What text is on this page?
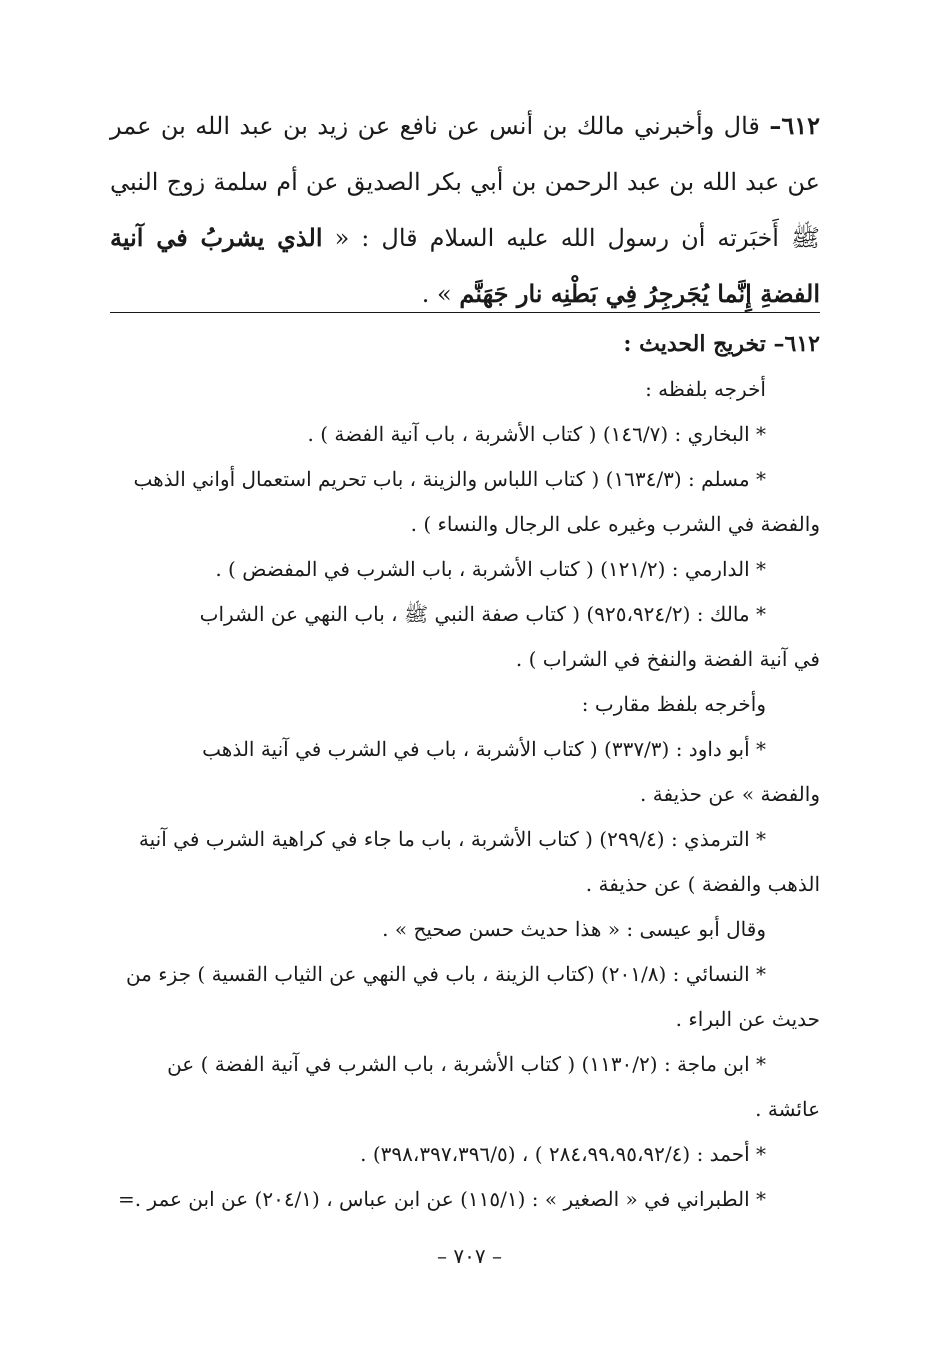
٦١٢– قال وأخبرني مالك بن أنس عن نافع عن زيد بن عبد الله بن عمر عن عبد الله بن عبد الرحمن بن أبي بكر الصديق عن أم سلمة زوج النبي ﷺ أَخبَرته أن رسول الله عليه السلام قال : « الذي يشربُ في آنية الفضةِ إِنَّما يُجَرجِرُ فِي بَطْنِه نار جَهَنَّم » .

٦١٢– تخريج الحديث :

أخرجه بلفظه :

* البخاري : (١٤٦/٧) ( كتاب الأشربة ، باب آنية الفضة ) .

* مسلم : (١٦٣٤/٣) ( كتاب اللباس والزينة ، باب تحريم استعمال أواني الذهب
والفضة في الشرب وغيره على الرجال والنساء ) .

* الدارمي : (١٢١/٢) ( كتاب الأشربة ، باب الشرب في المفضض ) .

* مالك : (٩٢٥،٩٢٤/٢) ( كتاب صفة النبي ﷺ ، باب النهي عن الشراب
في آنية الفضة والنفخ في الشراب ) .

وأخرجه بلفظ مقارب :

* أبو داود : (٣٣٧/٣) ( كتاب الأشربة ، باب في الشرب في آنية الذهب
والفضة » عن حذيفة .

* الترمذي : (٢٩٩/٤) ( كتاب الأشربة ، باب ما جاء في كراهية الشرب في آنية
الذهب والفضة ) عن حذيفة .

وقال أبو عيسى : « هذا حديث حسن صحيح » .

* النسائي : (٢٠١/٨) (كتاب الزينة ، باب في النهي عن الثياب القسية ) جزء من
حديث عن البراء .

* ابن ماجة : (١١٣٠/٢) ( كتاب الأشربة ، باب الشرب في آنية الفضة ) عن
عائشة .

* أحمد : (٢٨٤،٩٩،٩٥،٩٢/٤ ) ، (٣٩٨،٣٩٧،٣٩٦/٥) .

* الطبراني في « الصغير » : (١١٥/١) عن ابن عباس ، (٢٠٤/١) عن ابن عمر .=

– ٧٠٧ –
